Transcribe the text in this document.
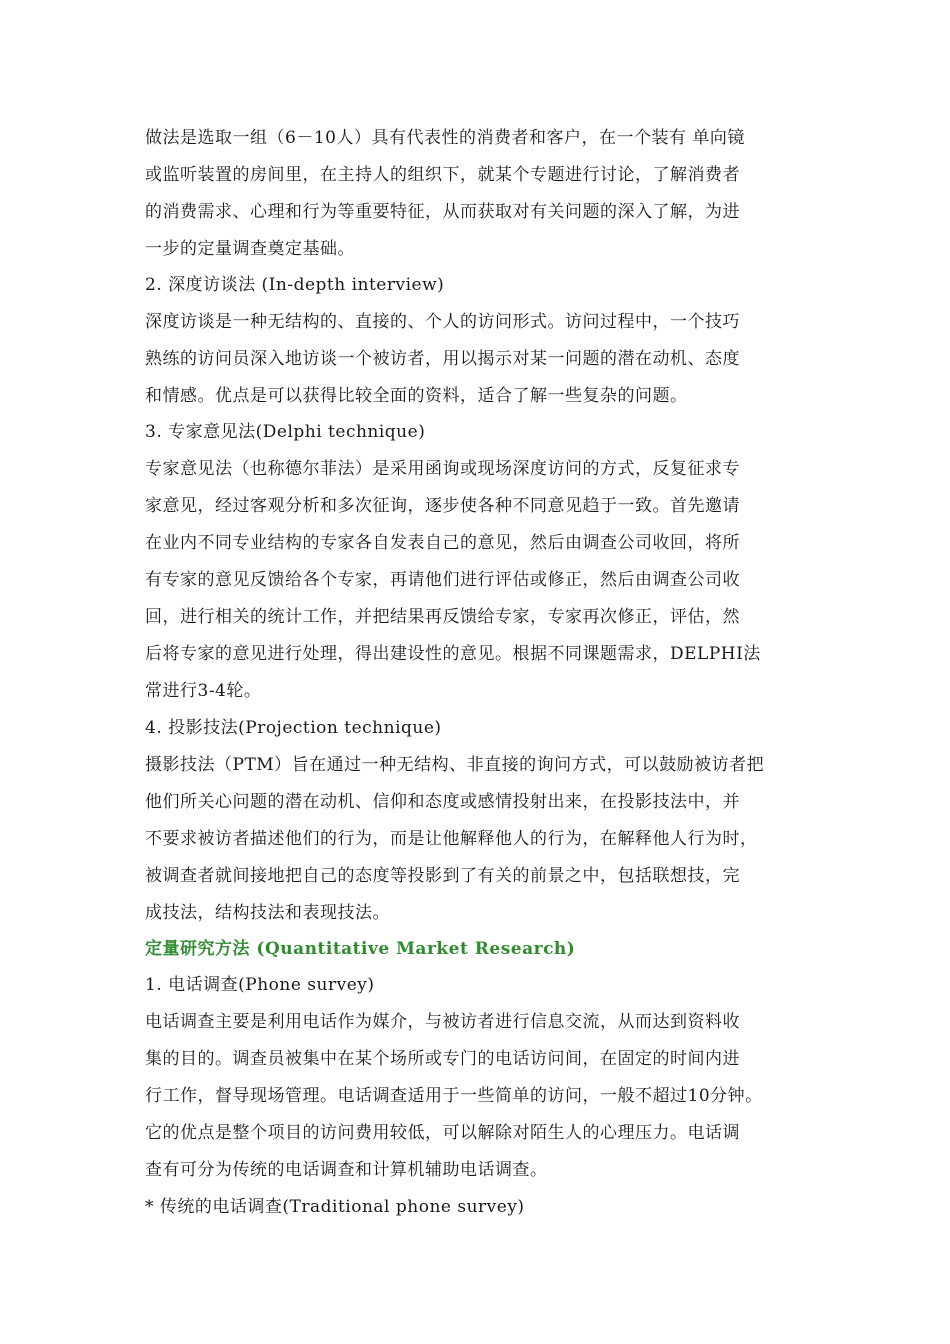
做法是选取一组（6－10人）具有代表性的消费者和客户，在一个装有 单向镜
或监听装置的房间里，在主持人的组织下，就某个专题进行讨论，了解消费者
的消费需求、心理和行为等重要特征，从而获取对有关问题的深入了解，为进
一步的定量调查奠定基础。
2. 深度访谈法 (In-depth interview)
深度访谈是一种无结构的、直接的、个人的访问形式。访问过程中，一个技巧
熟练的访问员深入地访谈一个被访者，用以揭示对某一问题的潜在动机、态度
和情感。优点是可以获得比较全面的资料，适合了解一些复杂的问题。
3. 专家意见法(Delphi technique)
专家意见法（也称德尔菲法）是采用函询或现场深度访问的方式，反复征求专
家意见，经过客观分析和多次征询，逐步使各种不同意见趋于一致。首先邀请
在业内不同专业结构的专家各自发表自己的意见，然后由调查公司收回，将所
有专家的意见反馈给各个专家，再请他们进行评估或修正，然后由调查公司收
回，进行相关的统计工作，并把结果再反馈给专家，专家再次修正，评估，然
后将专家的意见进行处理，得出建设性的意见。根据不同课题需求，DELPHI法
常进行3-4轮。
4. 投影技法(Projection technique)
摄影技法（PTM）旨在通过一种无结构、非直接的询问方式，可以鼓励被访者把
他们所关心问题的潜在动机、信仰和态度或感情投射出来，在投影技法中，并
不要求被访者描述他们的行为，而是让他解释他人的行为，在解释他人行为时，
被调查者就间接地把自己的态度等投影到了有关的前景之中，包括联想技，完
成技法，结构技法和表现技法。
定量研究方法 (Quantitative Market Research)
1. 电话调查(Phone survey)
电话调查主要是利用电话作为媒介，与被访者进行信息交流，从而达到资料收
集的目的。调查员被集中在某个场所或专门的电话访问间，在固定的时间内进
行工作，督导现场管理。电话调查适用于一些简单的访问，一般不超过10分钟。
它的优点是整个项目的访问费用较低，可以解除对陌生人的心理压力。电话调
查有可分为传统的电话调查和计算机辅助电话调查。
* 传统的电话调查(Traditional phone survey)
